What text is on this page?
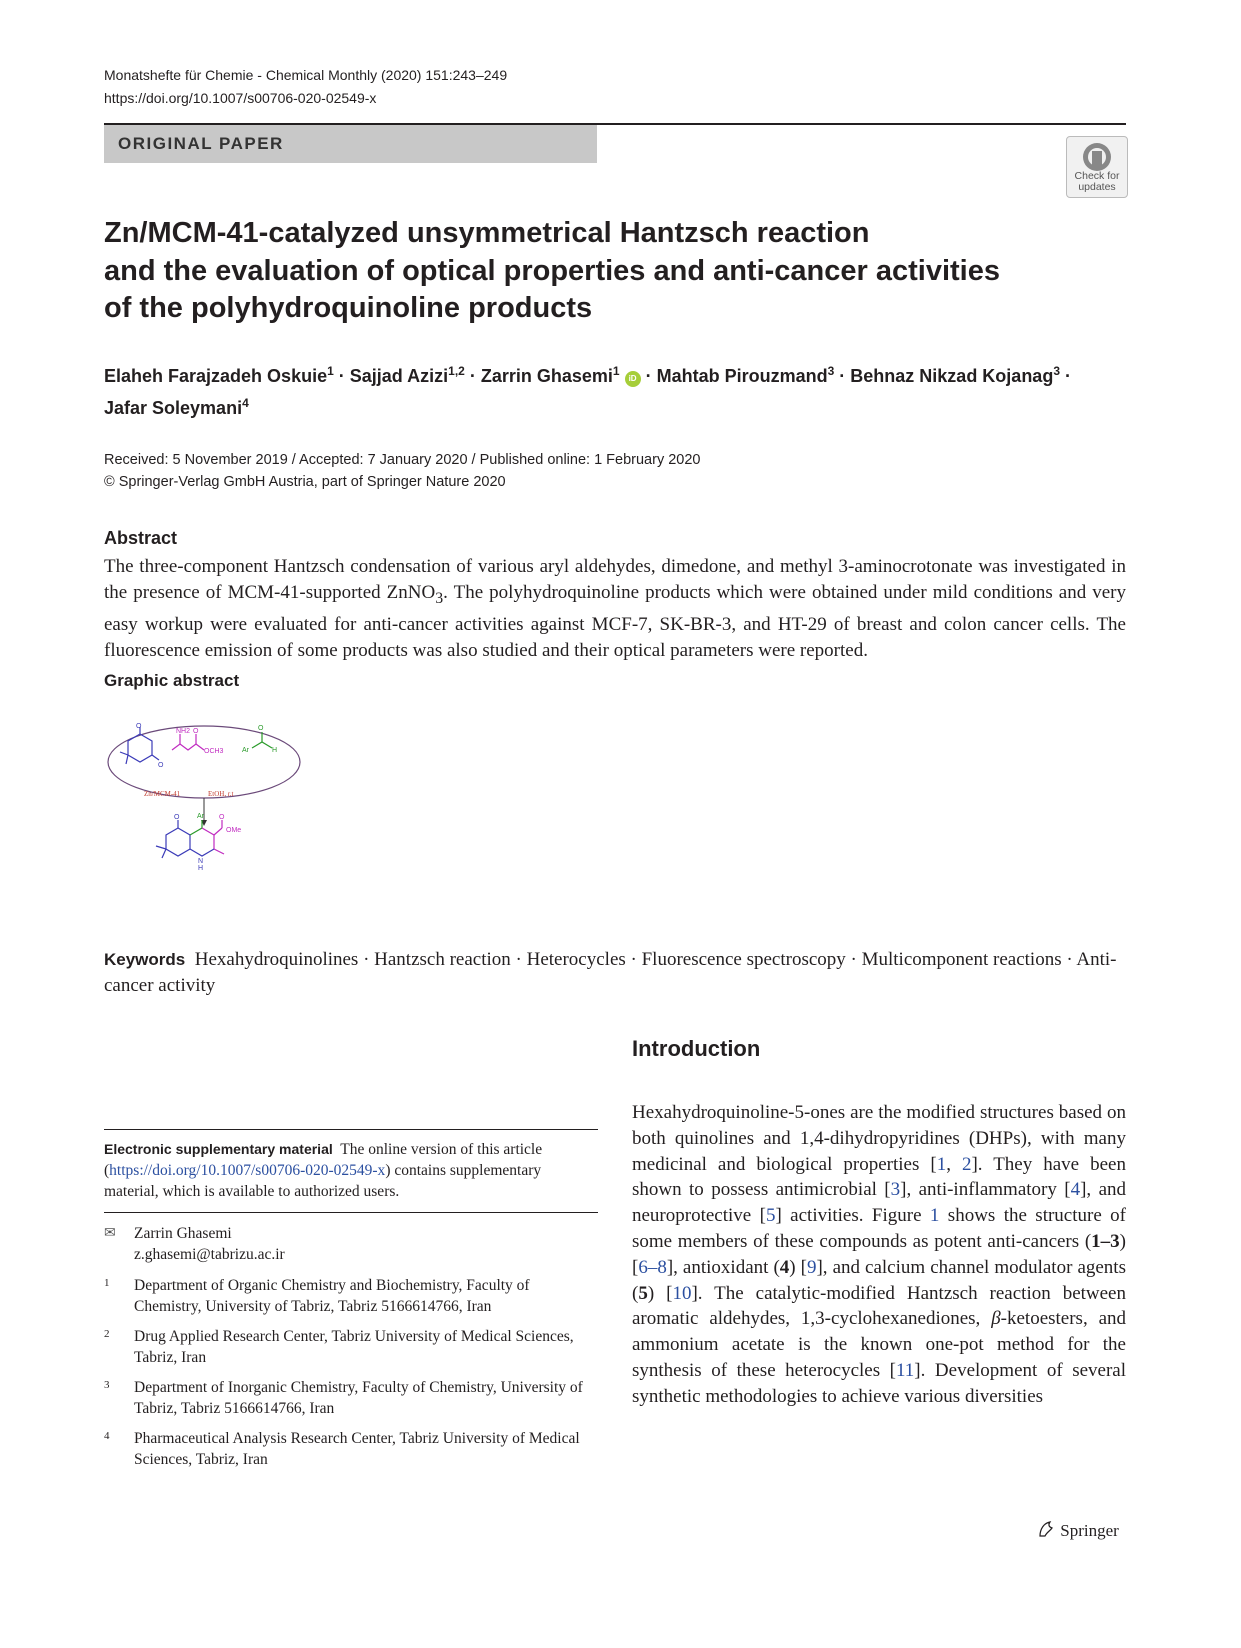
Monatshefte für Chemie - Chemical Monthly (2020) 151:243–249
https://doi.org/10.1007/s00706-020-02549-x
ORIGINAL PAPER
Check for
updates
Zn/MCM-41-catalyzed unsymmetrical Hantzsch reaction
and the evaluation of optical properties and anti-cancer activities
of the polyhydroquinoline products
Elaheh Farajzadeh Oskuie$^1$ · Sajjad Azizi$^{1,2}$ · Zarrin Ghasemi$^1$ iD · Mahtab Pirouzmand$^3$ · Behnaz Nikzad Kojanag$^3$ ·
Jafar Soleymani$^4$
Received: 5 November 2019 / Accepted: 7 January 2020 / Published online: 1 February 2020
© Springer-Verlag GmbH Austria, part of Springer Nature 2020
Abstract
The three-component Hantzsch condensation of various aryl aldehydes, dimedone, and methyl 3-aminocrotonate was investigated in the presence of MCM-41-supported ZnNO$_3$. The polyhydroquinoline products which were obtained under mild conditions and very easy workup were evaluated for anti-cancer activities against MCF-7, SK-BR-3, and HT-29 of breast and colon cancer cells. The fluorescence emission of some products was also studied and their optical parameters were reported.
Graphic abstract
O
O
NH2 O
OCH3
O
Ar	H
Zn/MCM-41	EtOH, r.t
O	Ar O
OMe
N
H
Keywords Hexahydroquinolines · Hantzsch reaction · Heterocycles · Fluorescence spectroscopy · Multicomponent reactions · Anti-cancer activity
Introduction

Hexahydroquinoline-5-ones are the modified structures based on both quinolines and 1,4-dihydropyridines (DHPs), with many medicinal and biological properties [1, 2]. They have been shown to possess antimicrobial [3], anti-inflammatory [4], and neuroprotective [5] activities. Figure 1 shows the structure of some members of these compounds as potent anti-cancers (1–3) [6–8], antioxidant (4) [9], and calcium channel modulator agents (5) [10]. The catalytic-modified Hantzsch reaction between aromatic aldehydes, 1,3-cyclohexanediones, β-ketoesters, and ammonium acetate is the known one-pot method for the synthesis of these heterocycles [11]. Development of several synthetic methodologies to achieve various diversities

Electronic supplementary material The online version of this article (https://doi.org/10.1007/s00706-020-02549-x) contains supplementary material, which is available to authorized users.
✉ Zarrin Ghasemi
z.ghasemi@tabrizu.ac.ir
1 Department of Organic Chemistry and Biochemistry, Faculty of Chemistry, University of Tabriz, Tabriz 5166614766, Iran
2 Drug Applied Research Center, Tabriz University of Medical Sciences, Tabriz, Iran
3 Department of Inorganic Chemistry, Faculty of Chemistry, University of Tabriz, Tabriz 5166614766, Iran
4 Pharmaceutical Analysis Research Center, Tabriz University of Medical Sciences, Tabriz, Iran
Springer
